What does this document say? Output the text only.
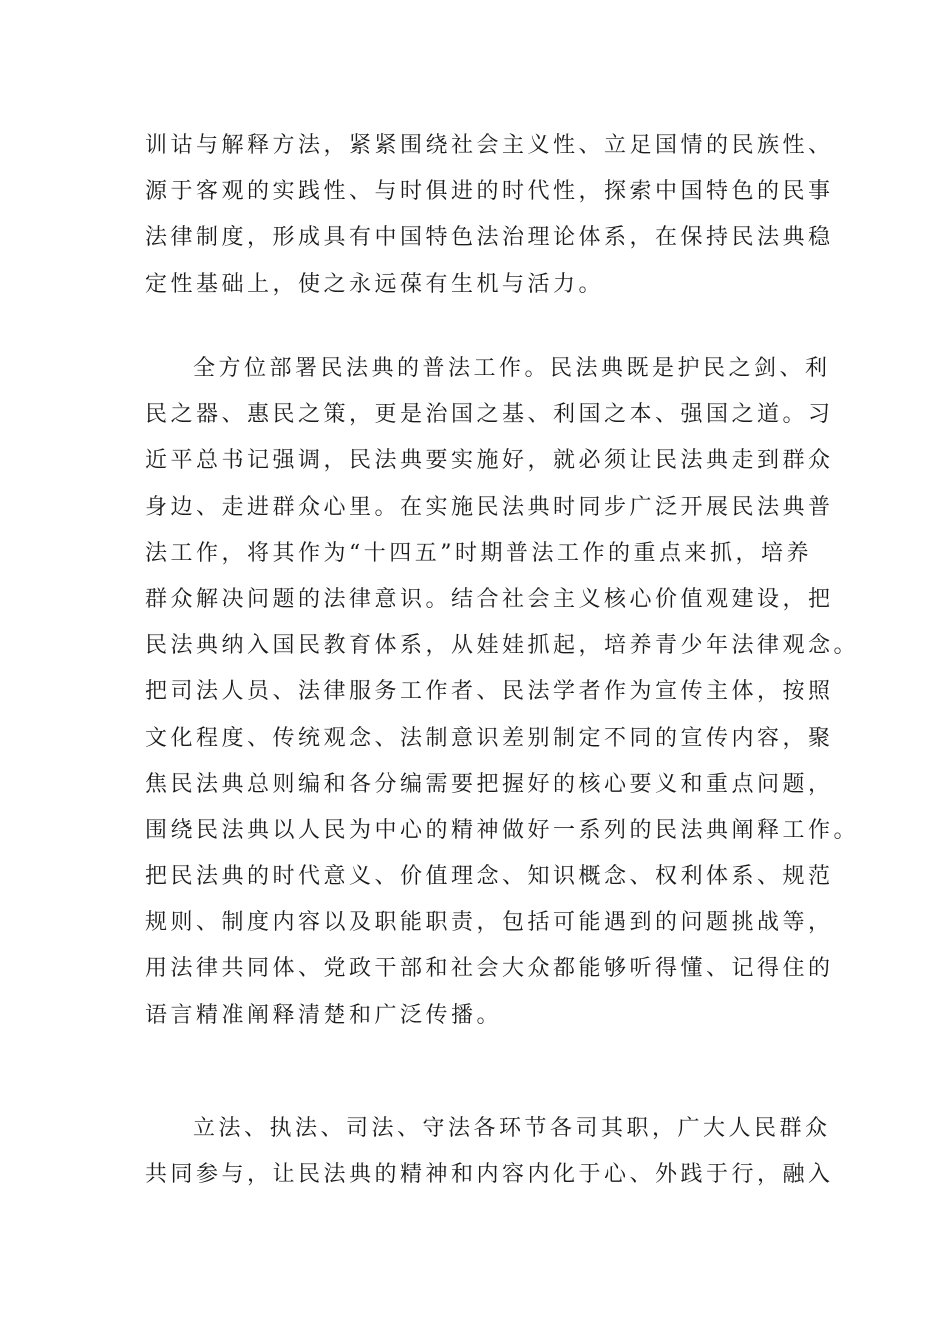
训诂与解释方法，紧紧围绕社会主义性、立足国情的民族性、
源于客观的实践性、与时俱进的时代性，探索中国特色的民事
法律制度，形成具有中国特色法治理论体系，在保持民法典稳
定性基础上，使之永远葆有生机与活力。
全方位部署民法典的普法工作。民法典既是护民之剑、利
民之器、惠民之策，更是治国之基、利国之本、强国之道。习
近平总书记强调，民法典要实施好，就必须让民法典走到群众
身边、走进群众心里。在实施民法典时同步广泛开展民法典普
法工作，将其作为“十四五”时期普法工作的重点来抓，培养
群众解决问题的法律意识。结合社会主义核心价值观建设，把
民法典纳入国民教育体系，从娃娃抓起，培养青少年法律观念。
把司法人员、法律服务工作者、民法学者作为宣传主体，按照
文化程度、传统观念、法制意识差别制定不同的宣传内容，聚
焦民法典总则编和各分编需要把握好的核心要义和重点问题，
围绕民法典以人民为中心的精神做好一系列的民法典阐释工作。
把民法典的时代意义、价值理念、知识概念、权利体系、规范
规则、制度内容以及职能职责，包括可能遇到的问题挑战等，
用法律共同体、党政干部和社会大众都能够听得懂、记得住的
语言精准阐释清楚和广泛传播。
立法、执法、司法、守法各环节各司其职，广大人民群众
共同参与，让民法典的精神和内容内化于心、外践于行，融入
